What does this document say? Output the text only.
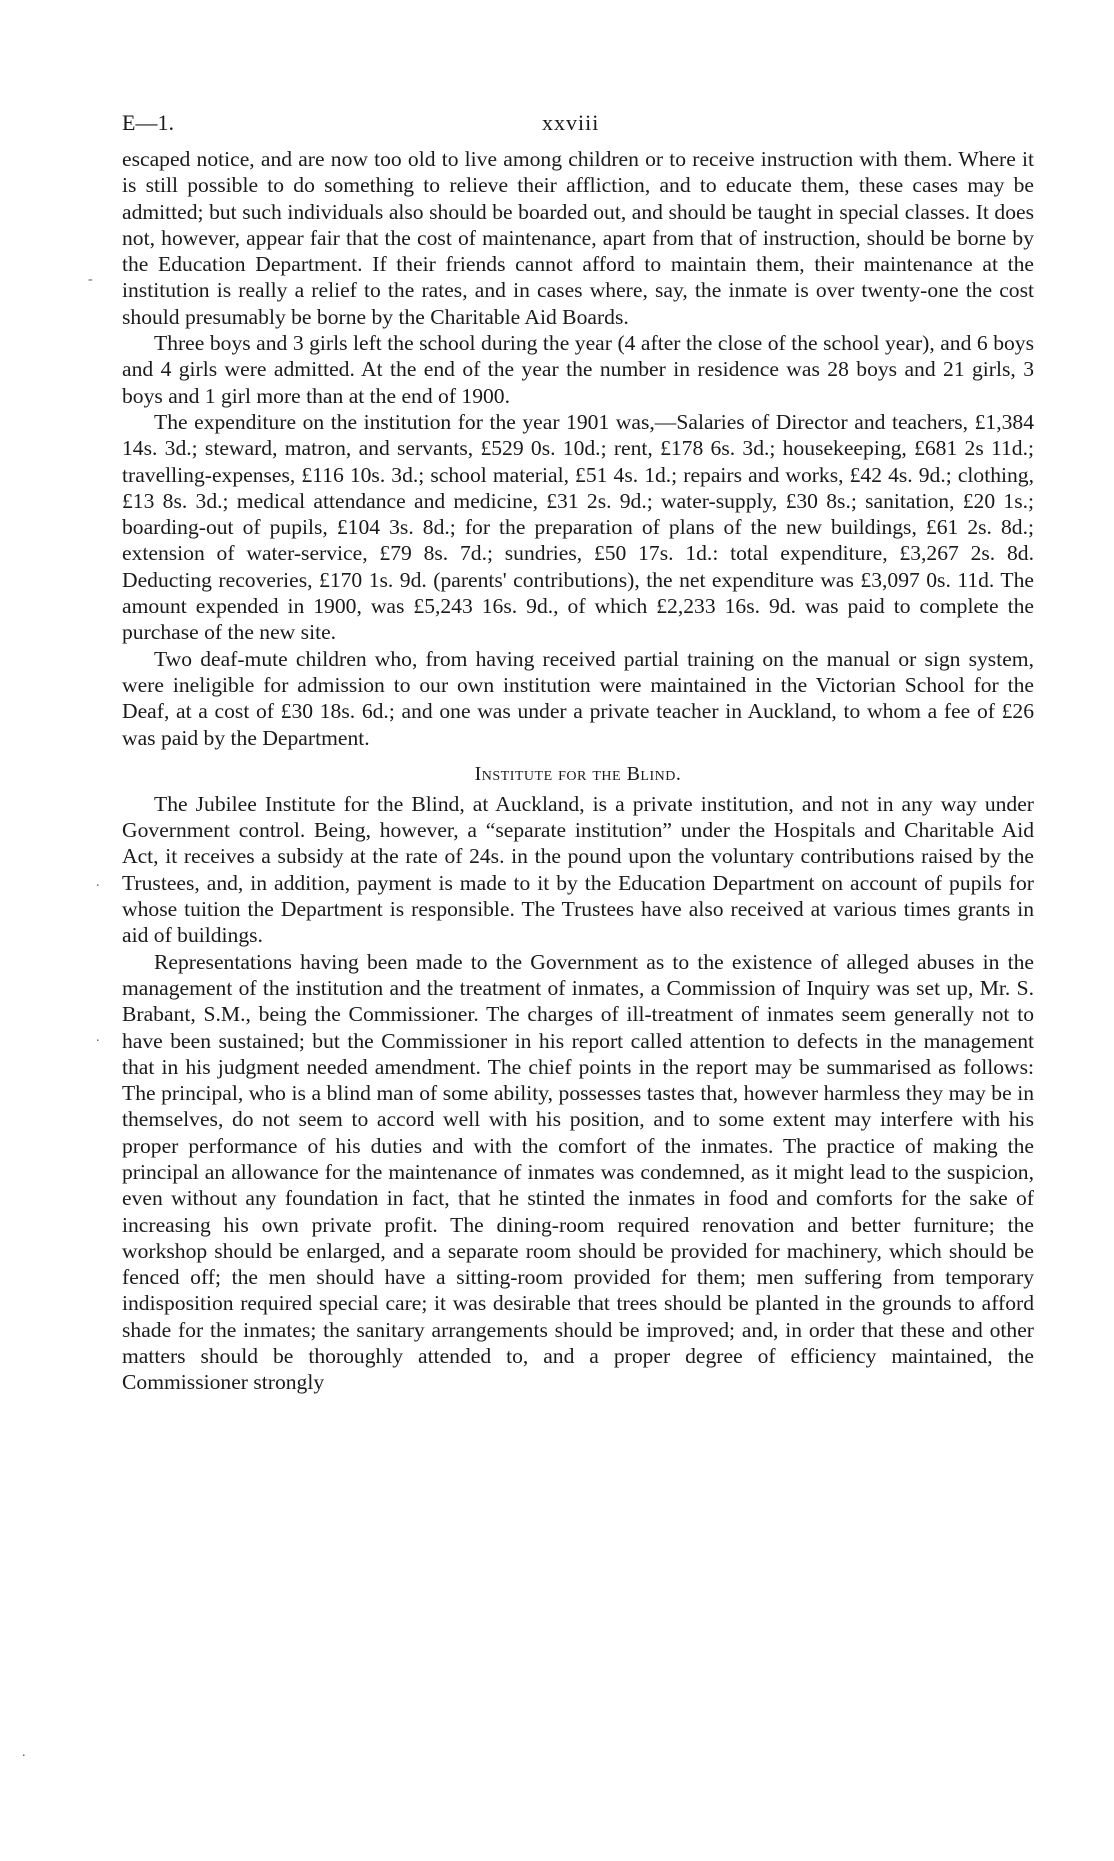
-
.
.
.
E—1.	xxviii

escaped notice, and are now too old to live among children or to receive instruction with them. Where it is still possible to do something to relieve their affliction, and to educate them, these cases may be admitted; but such individuals also should be boarded out, and should be taught in special classes. It does not, however, appear fair that the cost of maintenance, apart from that of instruction, should be borne by the Education Department. If their friends cannot afford to maintain them, their maintenance at the institution is really a relief to the rates, and in cases where, say, the inmate is over twenty-one the cost should presumably be borne by the Charitable Aid Boards.

Three boys and 3 girls left the school during the year (4 after the close of the school year), and 6 boys and 4 girls were admitted. At the end of the year the number in residence was 28 boys and 21 girls, 3 boys and 1 girl more than at the end of 1900.

The expenditure on the institution for the year 1901 was,—Salaries of Director and teachers, £1,384 14s. 3d.; steward, matron, and servants, £529 0s. 10d.; rent, £178 6s. 3d.; housekeeping, £681 2s 11d.; travelling-expenses, £116 10s. 3d.; school material, £51 4s. 1d.; repairs and works, £42 4s. 9d.; clothing, £13 8s. 3d.; medical attendance and medicine, £31 2s. 9d.; water-supply, £30 8s.; sanitation, £20 1s.; boarding-out of pupils, £104 3s. 8d.; for the preparation of plans of the new buildings, £61 2s. 8d.; extension of water-service, £79 8s. 7d.; sundries, £50 17s. 1d.: total expenditure, £3,267 2s. 8d. Deducting recoveries, £170 1s. 9d. (parents' contributions), the net expenditure was £3,097 0s. 11d. The amount expended in 1900, was £5,243 16s. 9d., of which £2,233 16s. 9d. was paid to complete the purchase of the new site.

Two deaf-mute children who, from having received partial training on the manual or sign system, were ineligible for admission to our own institution were maintained in the Victorian School for the Deaf, at a cost of £30 18s. 6d.; and one was under a private teacher in Auckland, to whom a fee of £26 was paid by the Department.

Institute for the Blind.

The Jubilee Institute for the Blind, at Auckland, is a private institution, and not in any way under Government control. Being, however, a “separate institution” under the Hospitals and Charitable Aid Act, it receives a subsidy at the rate of 24s. in the pound upon the voluntary contributions raised by the Trustees, and, in addition, payment is made to it by the Education Department on account of pupils for whose tuition the Department is responsible. The Trustees have also received at various times grants in aid of buildings.

Representations having been made to the Government as to the existence of alleged abuses in the management of the institution and the treatment of inmates, a Commission of Inquiry was set up, Mr. S. Brabant, S.M., being the Commissioner. The charges of ill-treatment of inmates seem generally not to have been sustained; but the Commissioner in his report called attention to defects in the management that in his judgment needed amendment. The chief points in the report may be summarised as follows: The principal, who is a blind man of some ability, possesses tastes that, however harmless they may be in themselves, do not seem to accord well with his position, and to some extent may interfere with his proper performance of his duties and with the comfort of the inmates. The practice of making the principal an allowance for the maintenance of inmates was condemned, as it might lead to the suspicion, even without any foundation in fact, that he stinted the inmates in food and comforts for the sake of increasing his own private profit. The dining-room required renovation and better furniture; the workshop should be enlarged, and a separate room should be provided for machinery, which should be fenced off; the men should have a sitting-room provided for them; men suffering from temporary indisposition required special care; it was desirable that trees should be planted in the grounds to afford shade for the inmates; the sanitary arrangements should be improved; and, in order that these and other matters should be thoroughly attended to, and a proper degree of efficiency maintained, the Commissioner strongly
